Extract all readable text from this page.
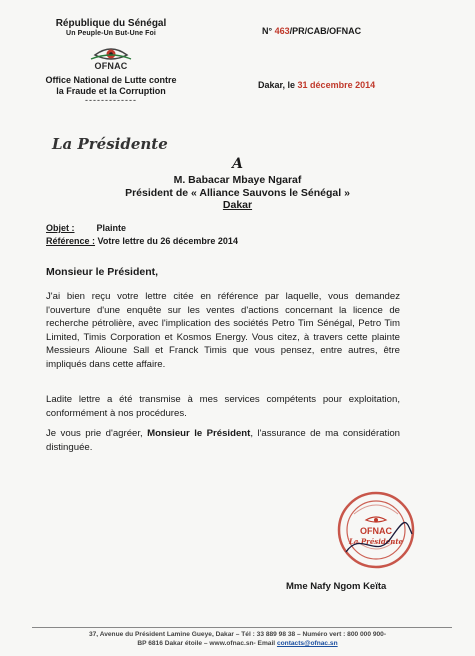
République du Sénégal
Un Peuple-Un But-Une Foi
OFNAC
Office National de Lutte contre
la Fraude et la Corruption
-------------
La Présidente
N° 463/PR/CAB/OFNAC
Dakar, le 31 décembre 2014
A
M. Babacar Mbaye Ngaraf
Président de « Alliance Sauvons le Sénégal »
Dakar
Objet : Plainte
Référence : Votre lettre du 26 décembre 2014
Monsieur le Président,
J'ai bien reçu votre lettre citée en référence par laquelle, vous demandez l'ouverture d'une enquête sur les ventes d'actions concernant la licence de recherche pétrolière, avec l'implication des sociétés Petro Tim Sénégal, Petro Tim Limited, Timis Corporation et Kosmos Energy. Vous citez, à travers cette plainte Messieurs Alioune Sall et Franck Timis que vous pensez, entre autres, être impliqués dans cette affaire.
Ladite lettre a été transmise à mes services compétents pour exploitation, conformément à nos procédures.
Je vous prie d'agréer, Monsieur le Président, l'assurance de ma considération distinguée.
OFNAC
La Présidente
Mme Nafy Ngom Keïta
37, Avenue du Président Lamine Gueye, Dakar – Tél : 33 889 98 38 – Numéro vert : 800 000 900-
BP 6816 Dakar étoile – www.ofnac.sn- Email contacts@ofnac.sn
